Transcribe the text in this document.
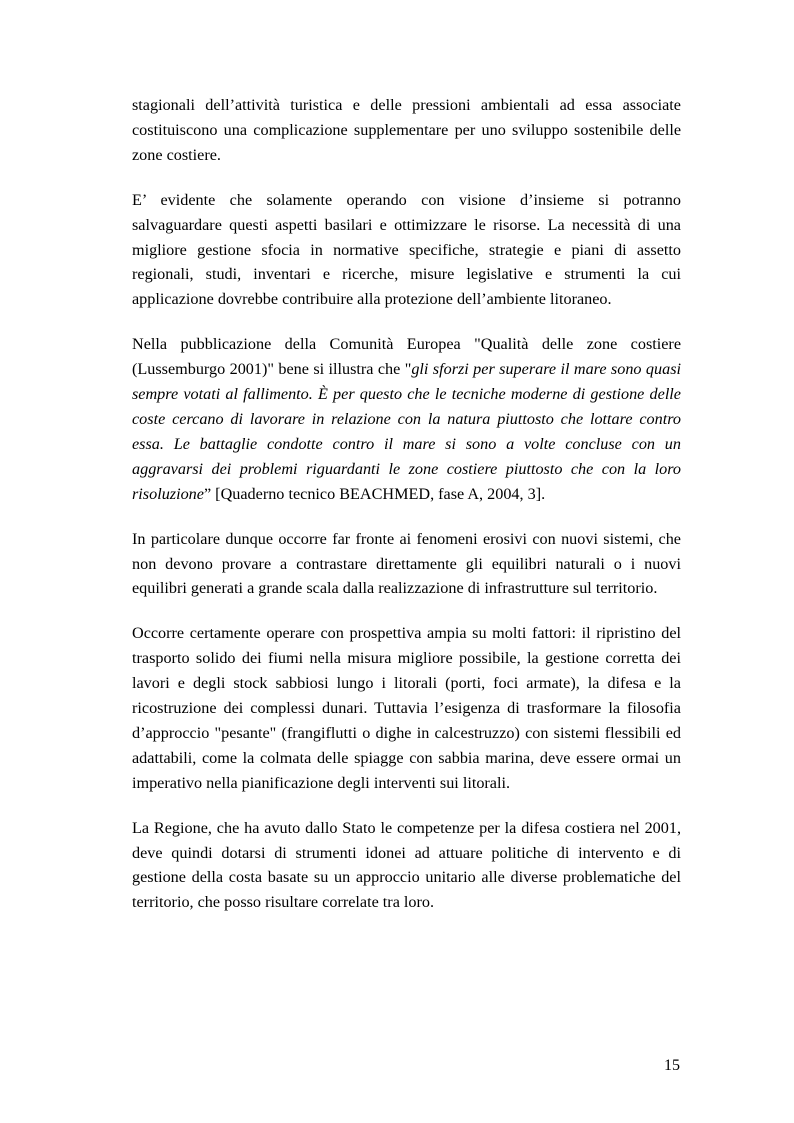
stagionali dell’attività turistica e delle pressioni ambientali ad essa associate costituiscono una complicazione supplementare per uno sviluppo sostenibile delle zone costiere.

E’ evidente che solamente operando con visione d’insieme si potranno salvaguardare questi aspetti basilari e ottimizzare le risorse. La necessità di una migliore gestione sfocia in normative specifiche, strategie e piani di assetto regionali, studi, inventari e ricerche, misure legislative e strumenti la cui applicazione dovrebbe contribuire alla protezione dell’ambiente litoraneo.

Nella pubblicazione della Comunità Europea "Qualità delle zone costiere (Lussemburgo 2001)" bene si illustra che "gli sforzi per superare il mare sono quasi sempre votati al fallimento. È per questo che le tecniche moderne di gestione delle coste cercano di lavorare in relazione con la natura piuttosto che lottare contro essa. Le battaglie condotte contro il mare si sono a volte concluse con un aggravarsi dei problemi riguardanti le zone costiere piuttosto che con la loro risoluzione” [Quaderno tecnico BEACHMED, fase A, 2004, 3].

In particolare dunque occorre far fronte ai fenomeni erosivi con nuovi sistemi, che non devono provare a contrastare direttamente gli equilibri naturali o i nuovi equilibri generati a grande scala dalla realizzazione di infrastrutture sul territorio.

Occorre certamente operare con prospettiva ampia su molti fattori: il ripristino del trasporto solido dei fiumi nella misura migliore possibile, la gestione corretta dei lavori e degli stock sabbiosi lungo i litorali (porti, foci armate), la difesa e la ricostruzione dei complessi dunari. Tuttavia l’esigenza di trasformare la filosofia d’approccio "pesante" (frangiflutti o dighe in calcestruzzo) con sistemi flessibili ed adattabili, come la colmata delle spiagge con sabbia marina, deve essere ormai un imperativo nella pianificazione degli interventi sui litorali.

La Regione, che ha avuto dallo Stato le competenze per la difesa costiera nel 2001, deve quindi dotarsi di strumenti idonei ad attuare politiche di intervento e di gestione della costa basate su un approccio unitario alle diverse problematiche del territorio, che posso risultare correlate tra loro.

15
